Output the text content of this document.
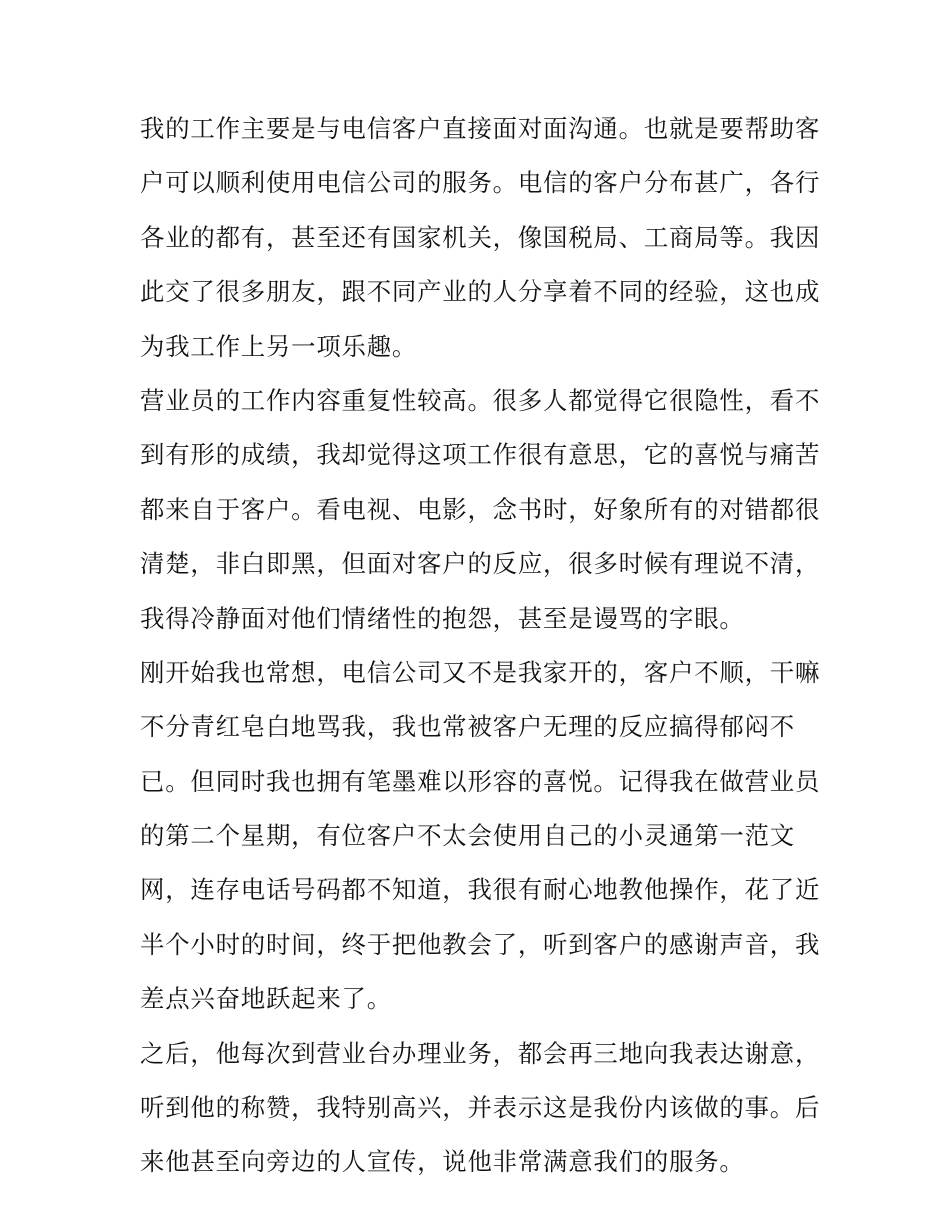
我的工作主要是与电信客户直接面对面沟通。也就是要帮助客
户可以顺利使用电信公司的服务。电信的客户分布甚广，各行
各业的都有，甚至还有国家机关，像国税局、工商局等。我因
此交了很多朋友，跟不同产业的人分享着不同的经验，这也成
为我工作上另一项乐趣。
营业员的工作内容重复性较高。很多人都觉得它很隐性，看不
到有形的成绩，我却觉得这项工作很有意思，它的喜悦与痛苦
都来自于客户。看电视、电影，念书时，好象所有的对错都很
清楚，非白即黑，但面对客户的反应，很多时候有理说不清，
我得冷静面对他们情绪性的抱怨，甚至是谩骂的字眼。
刚开始我也常想，电信公司又不是我家开的，客户不顺，干嘛
不分青红皂白地骂我，我也常被客户无理的反应搞得郁闷不
已。但同时我也拥有笔墨难以形容的喜悦。记得我在做营业员
的第二个星期，有位客户不太会使用自己的小灵通第一范文
网，连存电话号码都不知道，我很有耐心地教他操作，花了近
半个小时的时间，终于把他教会了，听到客户的感谢声音，我
差点兴奋地跃起来了。
之后，他每次到营业台办理业务，都会再三地向我表达谢意，
听到他的称赞，我特别高兴，并表示这是我份内该做的事。后
来他甚至向旁边的人宣传，说他非常满意我们的服务。
